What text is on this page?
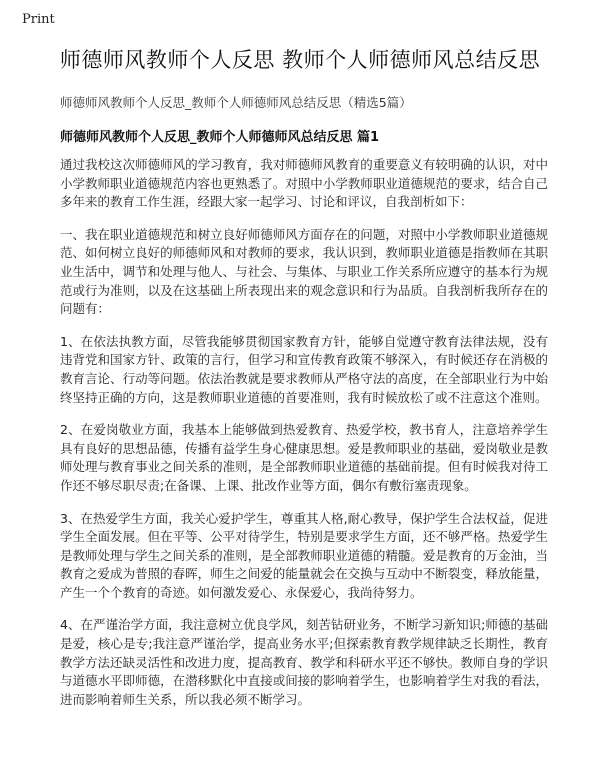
Print
师德师风教师个人反思 教师个人师德师风总结反思
师德师风教师个人反思_教师个人师德师风总结反思（精选5篇）
师德师风教师个人反思_教师个人师德师风总结反思 篇1

通过我校这次师德师风的学习教育，我对师德师风教育的重要意义有较明确的认识，对中小学教师职业道德规范内容也更熟悉了。对照中小学教师职业道德规范的要求，结合自己多年来的教育工作生涯，经跟大家一起学习、讨论和评议，自我剖析如下：

一、我在职业道德规范和树立良好师德师风方面存在的问题，对照中小学教师职业道德规范、如何树立良好的师德师风和对教师的要求，我认识到，教师职业道德是指教师在其职业生活中，调节和处理与他人、与社会、与集体、与职业工作关系所应遵守的基本行为规范或行为准则，以及在这基础上所表现出来的观念意识和行为品质。自我剖析我所存在的问题有：

1、在依法执教方面，尽管我能够贯彻国家教育方针，能够自觉遵守教育法律法规，没有违背党和国家方针、政策的言行，但学习和宣传教育政策不够深入，有时候还存在消极的教育言论、行动等问题。依法治教就是要求教师从严格守法的高度，在全部职业行为中始终坚持正确的方向，这是教师职业道德的首要准则，我有时候放松了或不注意这个准则。

2、在爱岗敬业方面，我基本上能够做到热爱教育、热爱学校，教书育人，注意培养学生具有良好的思想品德，传播有益学生身心健康思想。爱是教师职业的基础，爱岗敬业是教师处理与教育事业之间关系的准则，是全部教师职业道德的基础前提。但有时候我对待工作还不够尽职尽责;在备课、上课、批改作业等方面，偶尔有敷衍塞责现象。

3、在热爱学生方面，我关心爱护学生，尊重其人格,耐心教导，保护学生合法权益，促进学生全面发展。但在平等、公平对待学生，特别是要求学生方面，还不够严格。热爱学生是教师处理与学生之间关系的准则，是全部教师职业道德的精髓。爱是教育的万金油，当教育之爱成为普照的春晖，师生之间爱的能量就会在交换与互动中不断裂变，释放能量，产生一个个教育的奇迹。如何激发爱心、永保爱心，我尚待努力。

4、在严谨治学方面，我注意树立优良学风，刻苦钻研业务，不断学习新知识;师德的基础是爱，核心是专;我注意严谨治学，提高业务水平;但探索教育教学规律缺乏长期性，教育教学方法还缺灵活性和改进力度，提高教育、教学和科研水平还不够快。教师自身的学识与道德水平即师德，在潜移默化中直接或间接的影响着学生，也影响着学生对我的看法，进而影响着师生关系，所以我必须不断学习。
